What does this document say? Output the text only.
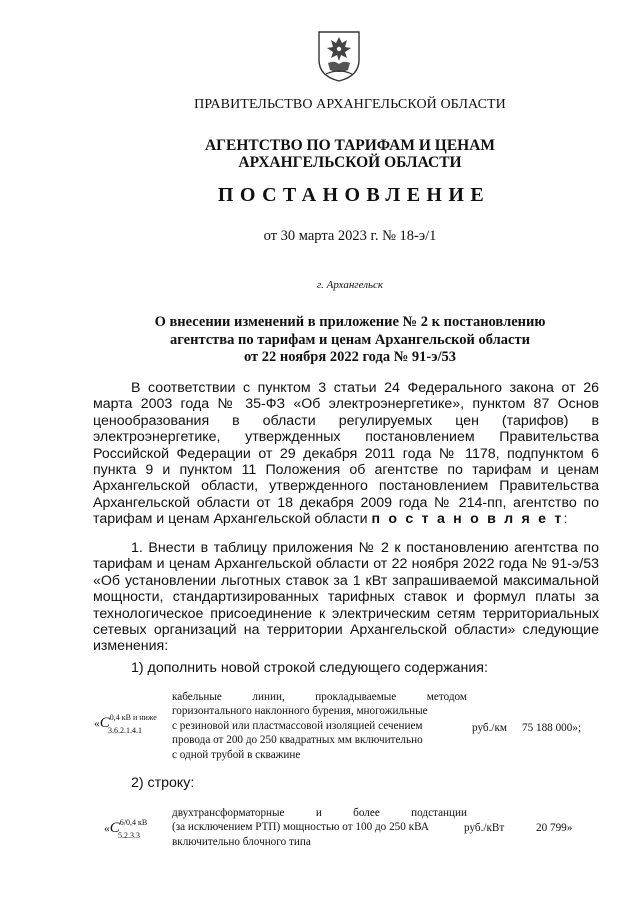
ПРАВИТЕЛЬСТВО АРХАНГЕЛЬСКОЙ ОБЛАСТИ
АГЕНТСТВО ПО ТАРИФАМ И ЦЕНАМ
АРХАНГЕЛЬСКОЙ ОБЛАСТИ
ПОСТАНОВЛЕНИЕ
от 30 марта 2023 г. № 18-э/1
г. Архангельск
О внесении изменений в приложение № 2 к постановлению
агентства по тарифам и ценам Архангельской области
от 22 ноября 2022 года № 91-э/53

В соответствии с пунктом 3 статьи 24 Федерального закона от 26 марта 2003 года № 35-ФЗ «Об электроэнергетике», пунктом 87 Основ ценообразования в области регулируемых цен (тарифов) в электроэнергетике, утвержденных постановлением Правительства Российской Федерации от 29 декабря 2011 года № 1178, подпунктом 6 пункта 9 и пунктом 11 Положения об агентстве по тарифам и ценам Архангельской области, утвержденного постановлением Правительства Архангельской области от 18 декабря 2009 года № 214-пп, агентство по тарифам и ценам Архангельской области п о с т а н о в л я е т:

1. Внести в таблицу приложения № 2 к постановлению агентства по тарифам и ценам Архангельской области от 22 ноября 2022 года № 91-э/53 «Об установлении льготных ставок за 1 кВт запрашиваемой максимальной мощности, стандартизированных тарифных ставок и формул платы за технологическое присоединение к электрическим сетям территориальных сетевых организаций на территории Архангельской области» следующие изменения:

1) дополнить новой строкой следующего содержания:
«$C^{0,4 кВ и ниже}$
3.6.2.1.4.1

кабельные линии, прокладываемые методом

горизонтального наклонного бурения, многожильные

с резиновой или пластмассовой изоляцией сечением

провода от 200 до 250 квадратных мм включительно

с одной трубой в скважине

руб./км 75 188 000»;
2) строку:
«$C^{6/0,4 кВ}$
5.2.3.3

двухтрансформаторные и более подстанции

(за исключением РТП) мощностью от 100 до 250 кВА

включительно блочного типа

руб./кВт	20 799»
